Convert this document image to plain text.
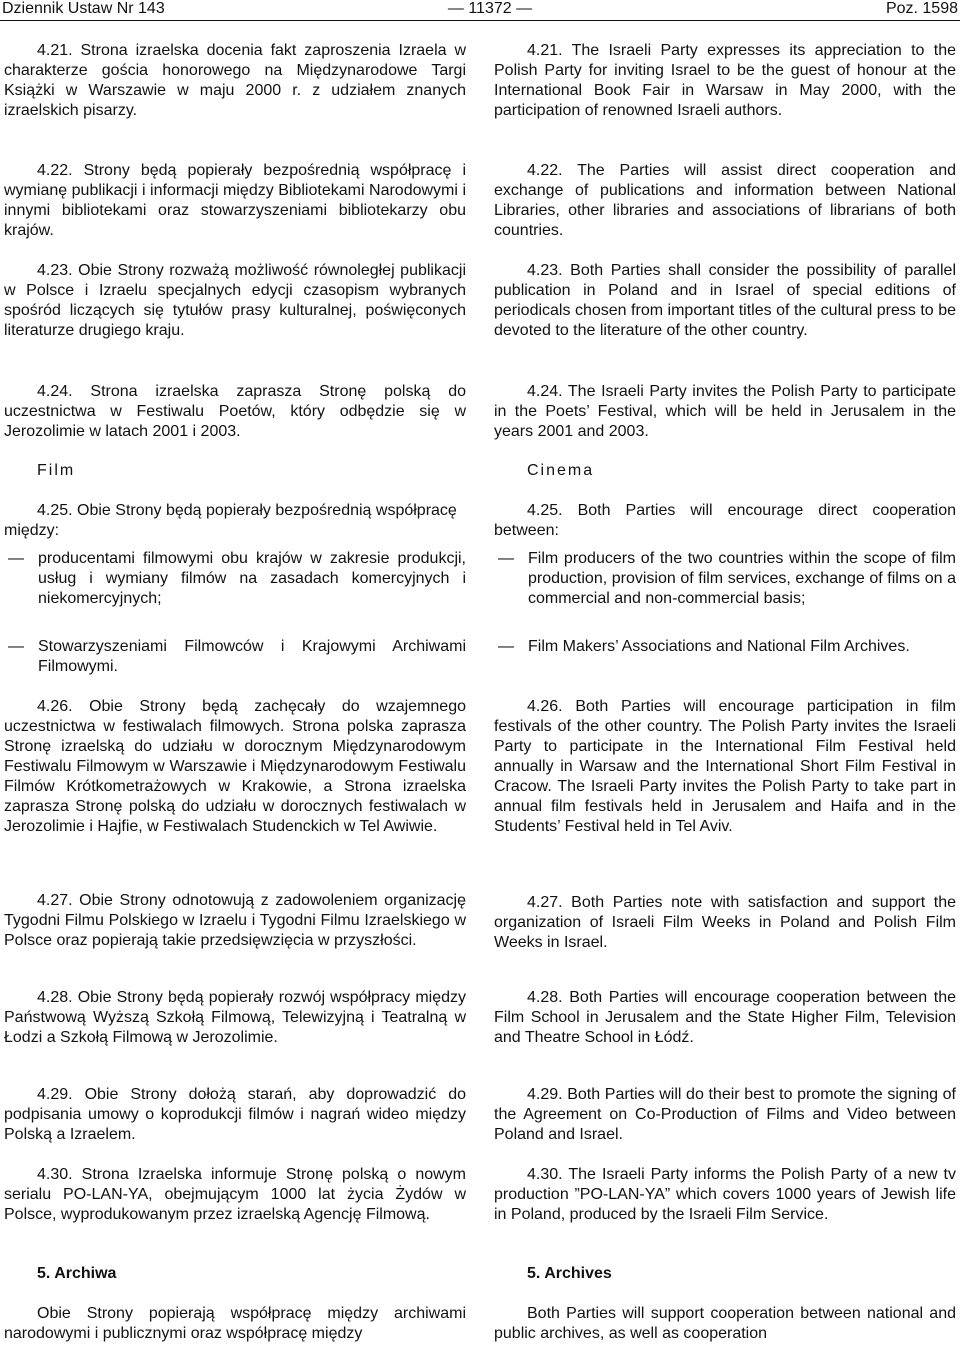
Dziennik Ustaw Nr 143	— 11372 —	Poz. 1598
4.21. Strona izraelska docenia fakt zaproszenia Izraela w charakterze gościa honorowego na Międzynarodowe Targi Książki w Warszawie w maju 2000 r. z udziałem znanych izraelskich pisarzy.
4.22. Strony będą popierały bezpośrednią współpracę i wymianę publikacji i informacji między Bibliotekami Narodowymi i innymi bibliotekami oraz stowarzyszeniami bibliotekarzy obu krajów.
4.23. Obie Strony rozważą możliwość równoległej publikacji w Polsce i Izraelu specjalnych edycji czasopism wybranych spośród liczących się tytułów prasy kulturalnej, poświęconych literaturze drugiego kraju.
4.24. Strona izraelska zaprasza Stronę polską do uczestnictwa w Festiwalu Poetów, który odbędzie się w Jerozolimie w latach 2001 i 2003.
Film
4.25. Obie Strony będą popierały bezpośrednią współpracę między:
— producentami filmowymi obu krajów w zakresie produkcji, usług i wymiany filmów na zasadach komercyjnych i niekomercyjnych;
— Stowarzyszeniami Filmowców i Krajowymi Archiwami Filmowymi.
4.26. Obie Strony będą zachęcały do wzajemnego uczestnictwa w festiwalach filmowych. Strona polska zaprasza Stronę izraelską do udziału w dorocznym Międzynarodowym Festiwalu Filmowym w Warszawie i Międzynarodowym Festiwalu Filmów Krótkometrażowych w Krakowie, a Strona izraelska zaprasza Stronę polską do udziału w dorocznych festiwalach w Jerozolimie i Hajfie, w Festiwalach Studenckich w Tel Awiwie.
4.27. Obie Strony odnotowują z zadowoleniem organizację Tygodni Filmu Polskiego w Izraelu i Tygodni Filmu Izraelskiego w Polsce oraz popierają takie przedsięwzięcia w przyszłości.
4.28. Obie Strony będą popierały rozwój współpracy między Państwową Wyższą Szkołą Filmową, Telewizyjną i Teatralną w Łodzi a Szkołą Filmową w Jerozolimie.
4.29. Obie Strony dołożą starań, aby doprowadzić do podpisania umowy o koprodukcji filmów i nagrań wideo między Polską a Izraelem.
4.30. Strona Izraelska informuje Stronę polską o nowym serialu PO-LAN-YA, obejmującym 1000 lat życia Żydów w Polsce, wyprodukowanym przez izraelską Agencję Filmową.
5. Archiwa
Obie Strony popierają współpracę między archiwami narodowymi i publicznymi oraz współpracę między
4.21. The Israeli Party expresses its appreciation to the Polish Party for inviting Israel to be the guest of honour at the International Book Fair in Warsaw in May 2000, with the participation of renowned Israeli authors.
4.22. The Parties will assist direct cooperation and exchange of publications and information between National Libraries, other libraries and associations of librarians of both countries.
4.23. Both Parties shall consider the possibility of parallel publication in Poland and in Israel of special editions of periodicals chosen from important titles of the cultural press to be devoted to the literature of the other country.
4.24. The Israeli Party invites the Polish Party to participate in the Poets’ Festival, which will be held in Jerusalem in the years 2001 and 2003.
Cinema
4.25. Both Parties will encourage direct cooperation between:
— Film producers of the two countries within the scope of film production, provision of film services, exchange of films on a commercial and non-commercial basis;
— Film Makers’ Associations and National Film Archives.
4.26. Both Parties will encourage participation in film festivals of the other country. The Polish Party invites the Israeli Party to participate in the International Film Festival held annually in Warsaw and the International Short Film Festival in Cracow. The Israeli Party invites the Polish Party to take part in annual film festivals held in Jerusalem and Haifa and in the Students’ Festival held in Tel Aviv.
4.27. Both Parties note with satisfaction and support the organization of Israeli Film Weeks in Poland and Polish Film Weeks in Israel.
4.28. Both Parties will encourage cooperation between the Film School in Jerusalem and the State Higher Film, Television and Theatre School in Łódź.
4.29. Both Parties will do their best to promote the signing of the Agreement on Co-Production of Films and Video between Poland and Israel.
4.30. The Israeli Party informs the Polish Party of a new tv production ”PO-LAN-YA” which covers 1000 years of Jewish life in Poland, produced by the Israeli Film Service.
5. Archives
Both Parties will support cooperation between national and public archives, as well as cooperation
